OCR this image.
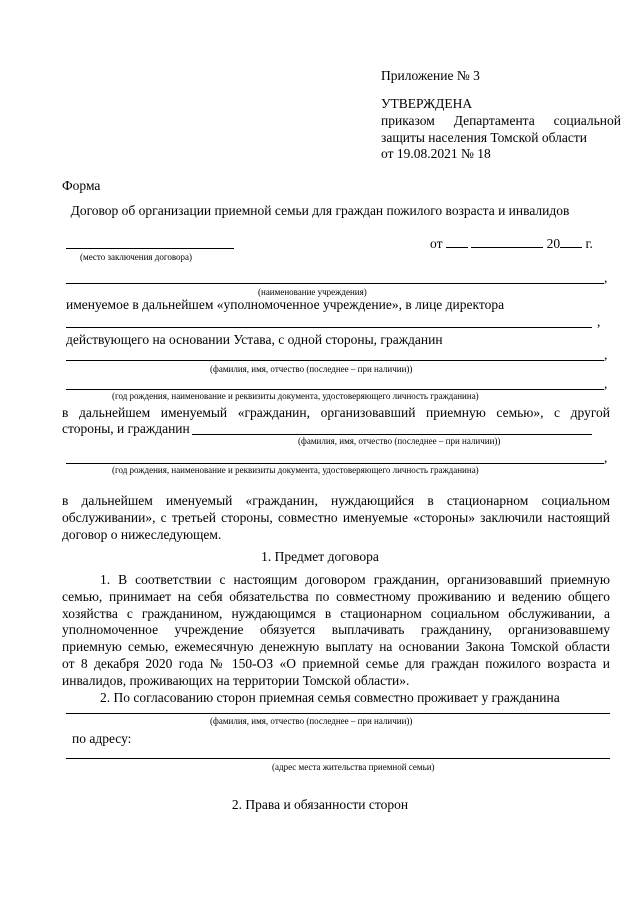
Приложение № 3
УТВЕРЖДЕНА
приказом Департамента социальной
защиты населения Томской области
от 19.08.2021 № 18
Форма
Договор об организации приемной семьи для граждан пожилого возраста и инвалидов
(место заключения договора)
от	20 г.
,
(наименование учреждения)
именуемое в дальнейшем «уполномоченное учреждение», в лице директора
,
действующего на основании Устава, с одной стороны, гражданин
,
(фамилия, имя, отчество (последнее – при наличии))
,
(год рождения, наименование и реквизиты документа, удостоверяющего личность гражданина)
в дальнейшем именуемый «гражданин, организовавший приемную семью», с другой
стороны, и гражданин
(фамилия, имя, отчество (последнее – при наличии))
,
(год рождения, наименование и реквизиты документа, удостоверяющего личность гражданина)
в дальнейшем именуемый «гражданин, нуждающийся в стационарном социальном
обслуживании», с третьей стороны, совместно именуемые «стороны» заключили настоящий
договор о нижеследующем.
1. Предмет договора
1. В соответствии с настоящим договором гражданин, организовавший приемную
семью, принимает на себя обязательства по совместному проживанию и ведению общего
хозяйства с гражданином, нуждающимся в стационарном социальном обслуживании, а
уполномоченное учреждение обязуется выплачивать гражданину, организовавшему
приемную семью, ежемесячную денежную выплату на основании Закона Томской области
от 8 декабря 2020 года № 150-ОЗ «О приемной семье для граждан пожилого возраста и
инвалидов, проживающих на территории Томской области».
2. По согласованию сторон приемная семья совместно проживает у гражданина
(фамилия, имя, отчество (последнее – при наличии))
по адресу:
(адрес места жительства приемной семьи)
2. Права и обязанности сторон
